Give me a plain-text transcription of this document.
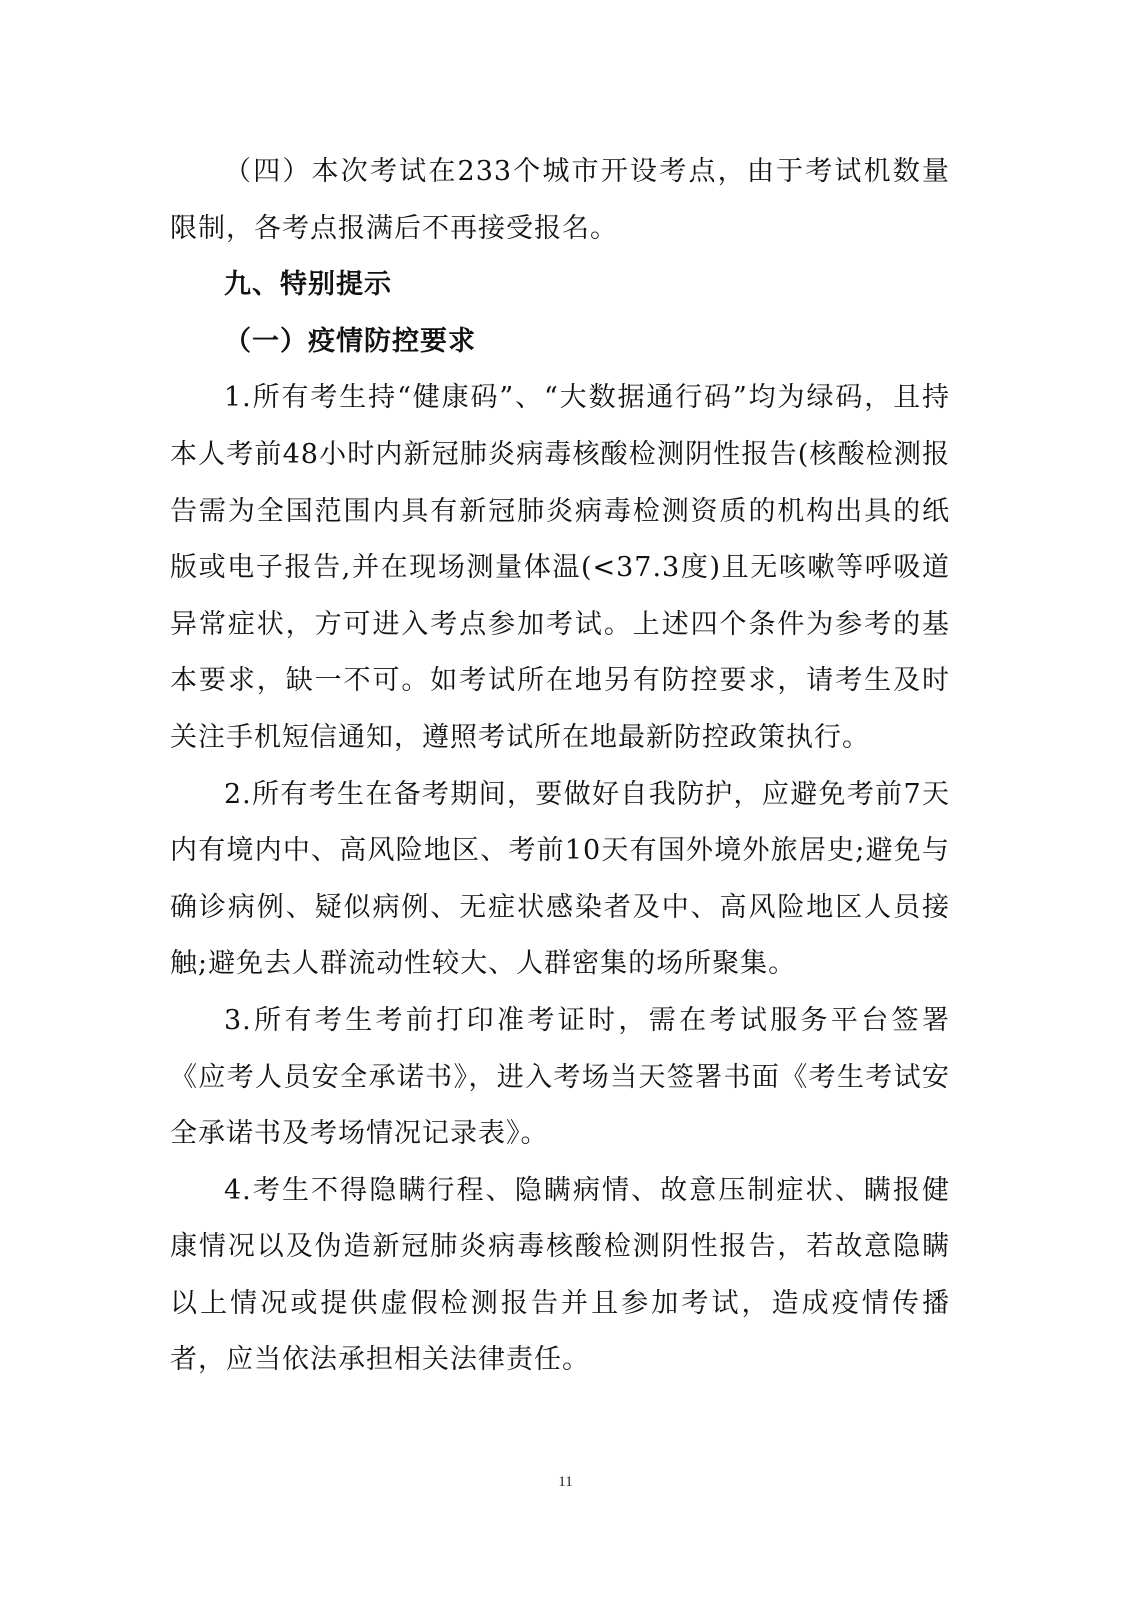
（四）本次考试在233个城市开设考点，由于考试机数量限制，各考点报满后不再接受报名。

九、特别提示

（一）疫情防控要求

1.所有考生持“健康码”、“大数据通行码”均为绿码，且持本人考前48小时内新冠肺炎病毒核酸检测阴性报告(核酸检测报告需为全国范围内具有新冠肺炎病毒检测资质的机构出具的纸版或电子报告,并在现场测量体温(<37.3度)且无咳嗽等呼吸道异常症状，方可进入考点参加考试。上述四个条件为参考的基本要求，缺一不可。如考试所在地另有防控要求，请考生及时关注手机短信通知，遵照考试所在地最新防控政策执行。

2.所有考生在备考期间，要做好自我防护，应避免考前7天内有境内中、高风险地区、考前10天有国外境外旅居史;避免与确诊病例、疑似病例、无症状感染者及中、高风险地区人员接触;避免去人群流动性较大、人群密集的场所聚集。

3.所有考生考前打印准考证时，需在考试服务平台签署《应考人员安全承诺书》，进入考场当天签署书面《考生考试安全承诺书及考场情况记录表》。

4.考生不得隐瞒行程、隐瞒病情、故意压制症状、瞒报健康情况以及伪造新冠肺炎病毒核酸检测阴性报告，若故意隐瞒以上情况或提供虚假检测报告并且参加考试，造成疫情传播者，应当依法承担相关法律责任。

11
